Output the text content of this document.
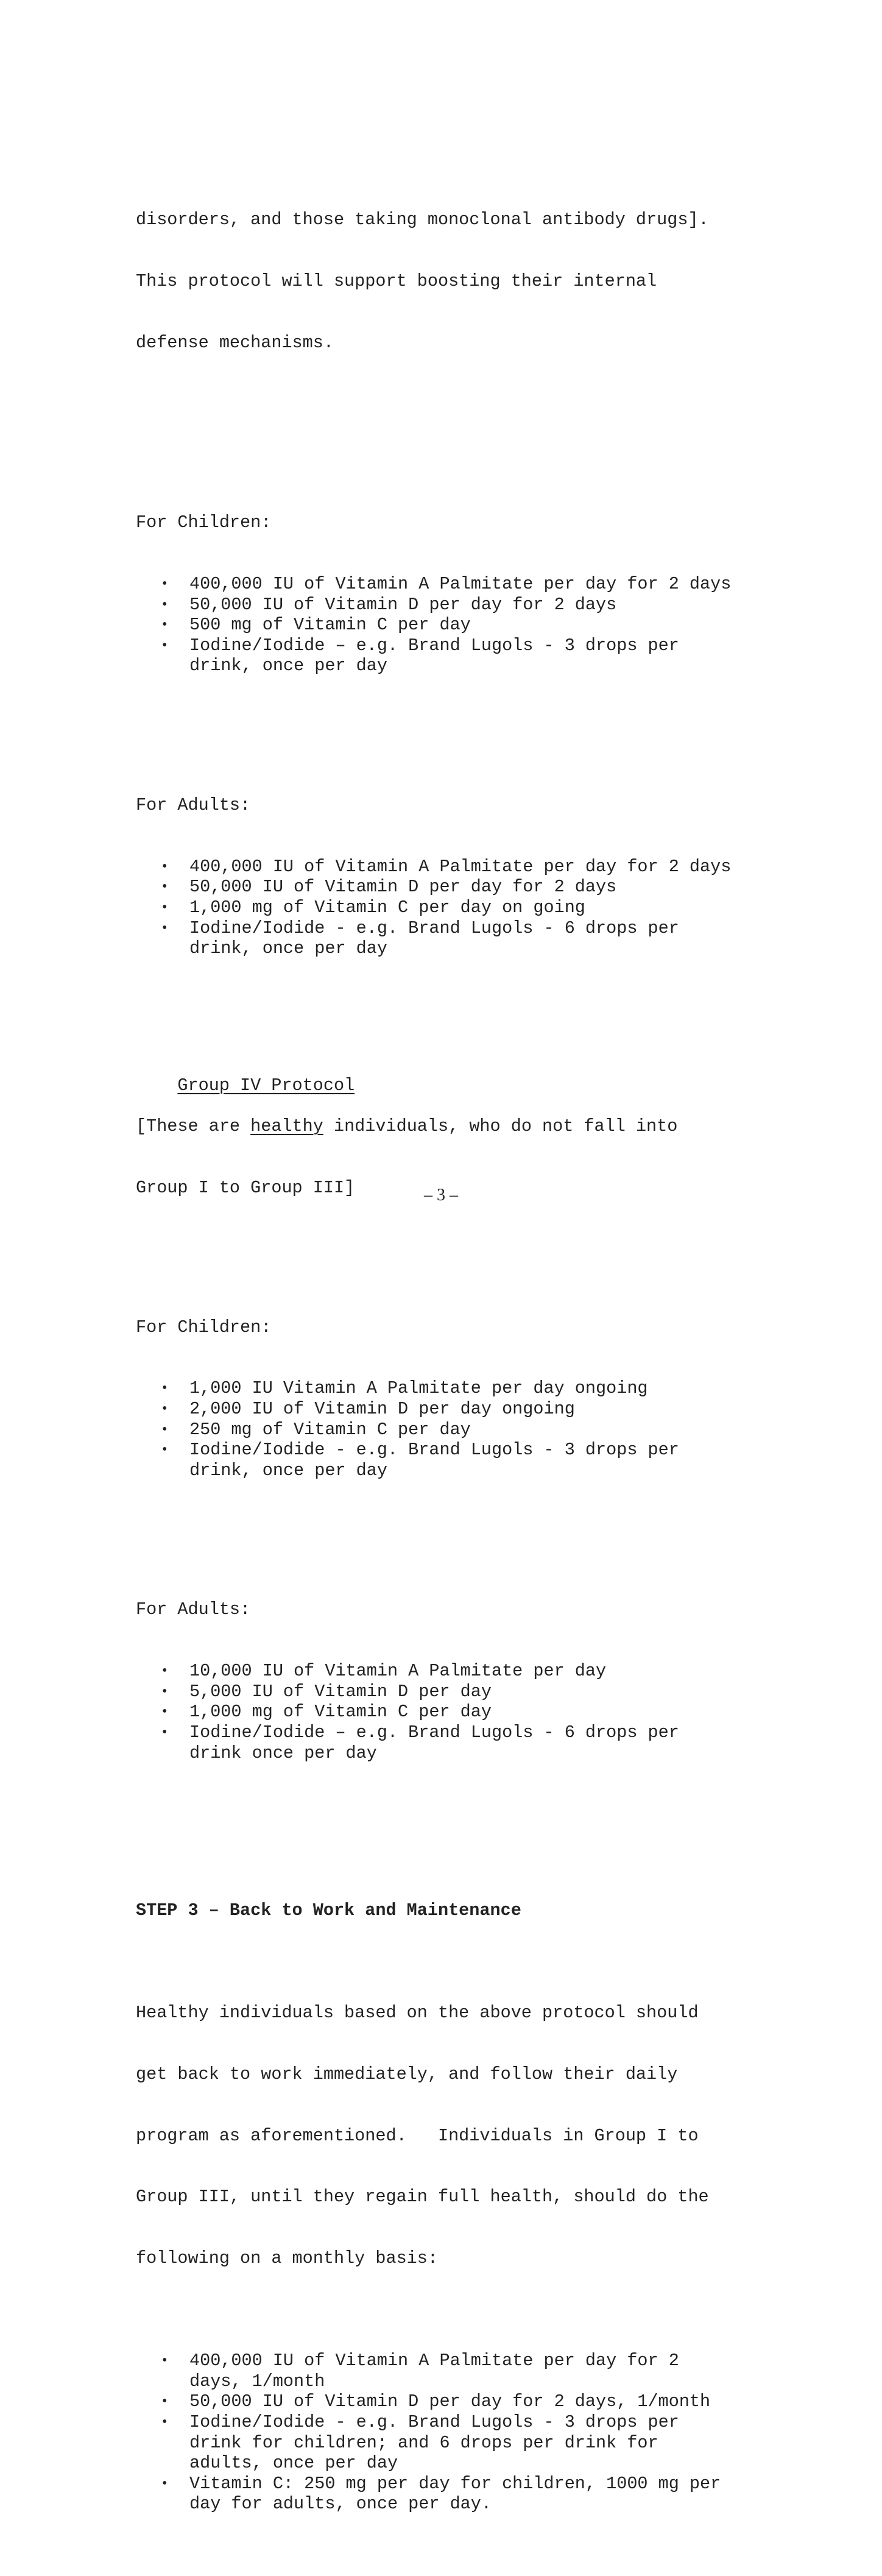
disorders, and those taking monoclonal antibody drugs].

This protocol will support boosting their internal

defense mechanisms.

For Children:

• 400,000 IU of Vitamin A Palmitate per day for 2 days
• 50,000 IU of Vitamin D per day for 2 days
• 500 mg of Vitamin C per day
• Iodine/Iodide – e.g. Brand Lugols - 3 drops per
drink, once per day

For Adults:

• 400,000 IU of Vitamin A Palmitate per day for 2 days
• 50,000 IU of Vitamin D per day for 2 days
• 1,000 mg of Vitamin C per day on going
• Iodine/Iodide - e.g. Brand Lugols - 6 drops per
drink, once per day

Group IV Protocol

[These are healthy individuals, who do not fall into

Group I to Group III]

For Children:

• 1,000 IU Vitamin A Palmitate per day ongoing
• 2,000 IU of Vitamin D per day ongoing
• 250 mg of Vitamin C per day
• Iodine/Iodide - e.g. Brand Lugols - 3 drops per
drink, once per day

For Adults:

• 10,000 IU of Vitamin A Palmitate per day
• 5,000 IU of Vitamin D per day
• 1,000 mg of Vitamin C per day
• Iodine/Iodide – e.g. Brand Lugols - 6 drops per
drink once per day

STEP 3 – Back to Work and Maintenance

Healthy individuals based on the above protocol should

get back to work immediately, and follow their daily

program as aforementioned.   Individuals in Group I to

Group III, until they regain full health, should do the

following on a monthly basis:

• 400,000 IU of Vitamin A Palmitate per day for 2
days, 1/month
• 50,000 IU of Vitamin D per day for 2 days, 1/month
• Iodine/Iodide - e.g. Brand Lugols - 3 drops per
drink for children; and 6 drops per drink for
adults, once per day
• Vitamin C: 250 mg per day for children, 1000 mg per
day for adults, once per day.

– 3 –
